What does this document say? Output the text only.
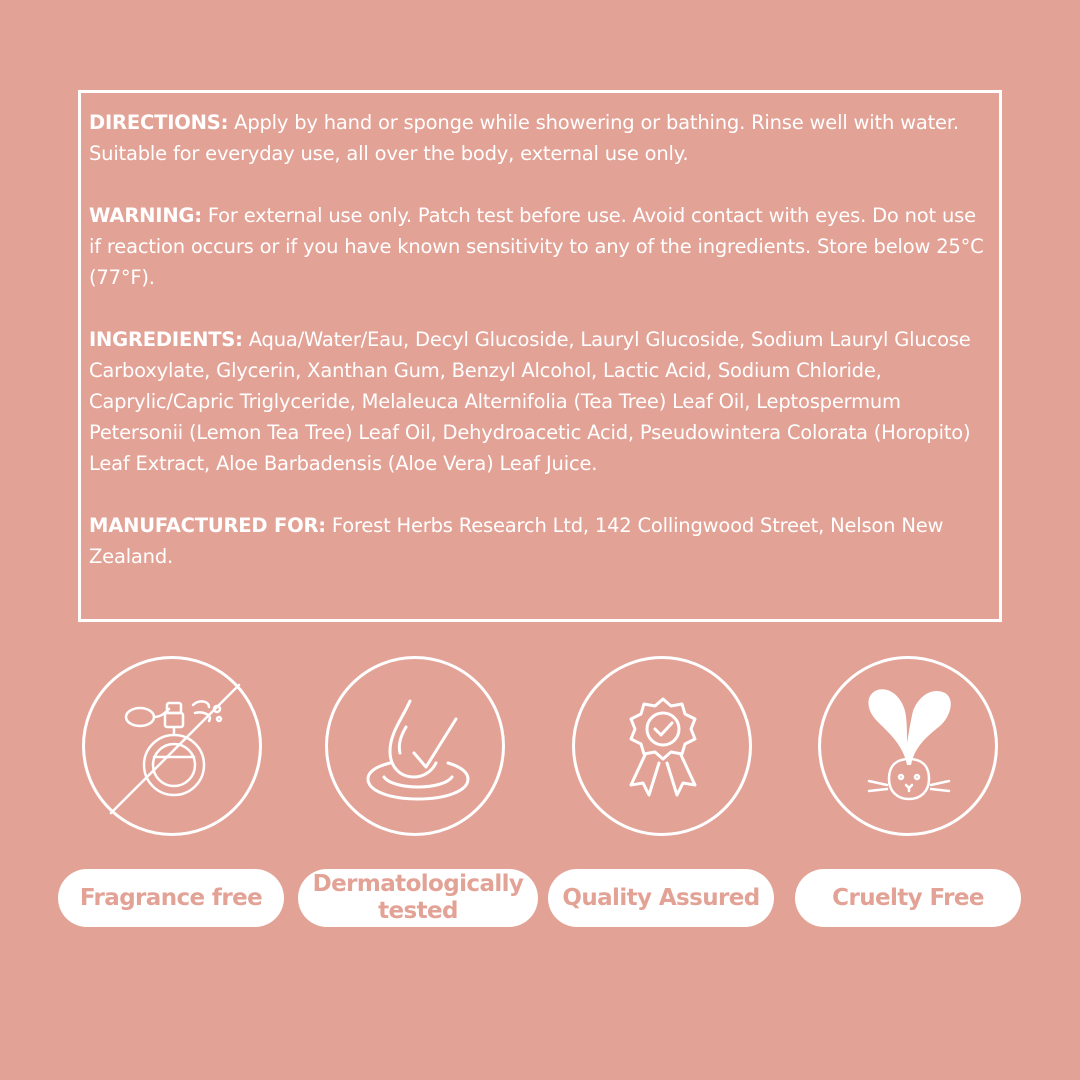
DIRECTIONS: Apply by hand or sponge while showering or bathing. Rinse well with water. Suitable for everyday use, all over the body, external use only.

WARNING: For external use only. Patch test before use. Avoid contact with eyes. Do not use if reaction occurs or if you have known sensitivity to any of the ingredients. Store below 25°C (77°F).

INGREDIENTS: Aqua/Water/Eau, Decyl Glucoside, Lauryl Glucoside, Sodium Lauryl Glucose Carboxylate, Glycerin, Xanthan Gum, Benzyl Alcohol, Lactic Acid, Sodium Chloride, Caprylic/Capric Triglyceride, Melaleuca Alternifolia (Tea Tree) Leaf Oil, Leptospermum Petersonii (Lemon Tea Tree) Leaf Oil, Dehydroacetic Acid, Pseudowintera Colorata (Horopito) Leaf Extract, Aloe Barbadensis (Aloe Vera) Leaf Juice.

MANUFACTURED FOR: Forest Herbs Research Ltd, 142 Collingwood Street, Nelson New Zealand.

Fragrance free
Dermatologically tested
Quality Assured	Cruelty Free
